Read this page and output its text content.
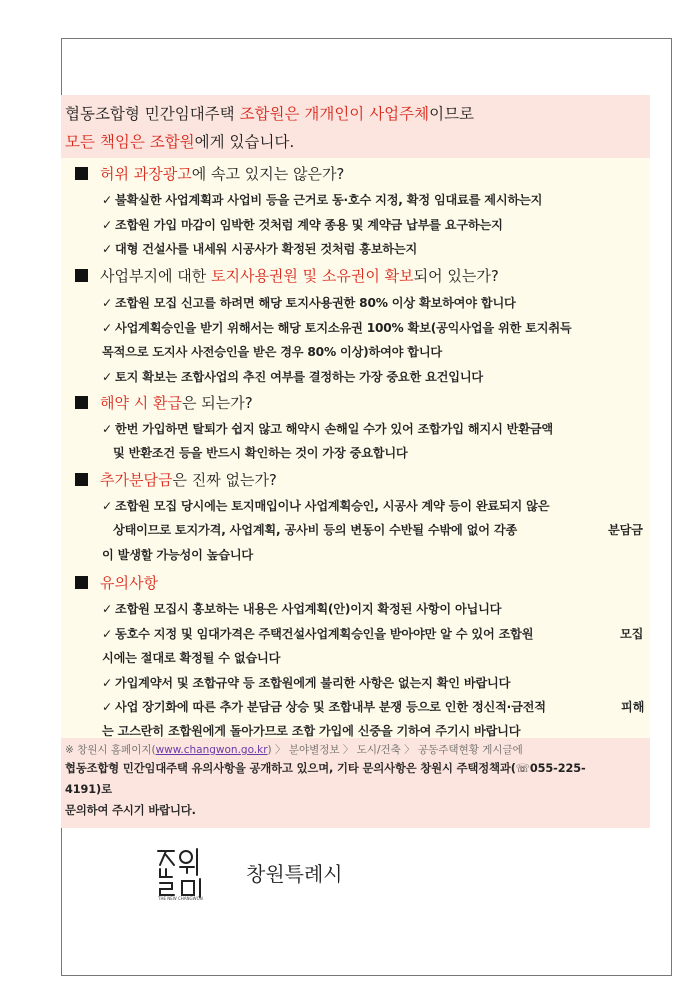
협동조합형 민간임대주택 조합원은 개개인이 사업주체이므로
모든 책임은 조합원에게 있습니다.
허위 과장광고에 속고 있지는 않은가?
✓ 불확실한 사업계획과 사업비 등을 근거로 동·호수 지정, 확정 임대료를 제시하는지
✓ 조합원 가입 마감이 임박한 것처럼 계약 종용 및 계약금 납부를 요구하는지
✓ 대형 건설사를 내세워 시공사가 확정된 것처럼 홍보하는지
사업부지에 대한 토지사용권원 및 소유권이 확보되어 있는가?
✓ 조합원 모집 신고를 하려면 해당 토지사용권한 80% 이상 확보하여야 합니다
✓ 사업계획승인을 받기 위해서는 해당 토지소유권 100% 확보(공익사업을 위한 토지취득
목적으로 도지사 사전승인을 받은 경우 80% 이상)하여야 합니다
✓ 토지 확보는 조합사업의 추진 여부를 결정하는 가장 중요한 요건입니다
해약 시 환급은 되는가?
✓ 한번 가입하면 탈퇴가 쉽지 않고 해약시 손해일 수가 있어 조합가입 해지시 반환금액
및 반환조건 등을 반드시 확인하는 것이 가장 중요합니다
추가분담금은 진짜 없는가?
✓ 조합원 모집 당시에는 토지매입이나 사업계획승인, 시공사 계약 등이 완료되지 않은
상태이므로 토지가격, 사업계획, 공사비 등의 변동이 수반될 수밖에 없어 각종	분담금
이 발생할 가능성이 높습니다
유의사항
✓ 조합원 모집시 홍보하는 내용은 사업계획(안)이지 확정된 사항이 아닙니다
✓ 동호수 지정 및 임대가격은 주택건설사업계획승인을 받아야만 알 수 있어 조합원	모집
시에는 절대로 확정될 수 없습니다
✓ 가입계약서 및 조합규약 등 조합원에게 불리한 사항은 없는지 확인 바랍니다
✓ 사업 장기화에 따른 추가 분담금 상승 및 조합내부 분쟁 등으로 인한 정신적·금전적	피해
는 고스란히 조합원에게 돌아가므로 조합 가입에 신중을 기하여 주기시 바랍니다
※ 창원시 홈페이지(www.changwon.go.kr) 〉 분야별정보 〉 도시/건축 〉 공동주택현황 게시글에
협동조합형 민간임대주택 유의사항을 공개하고 있으며, 기타 문의사항은 창원시 주택정책과(☏055-225-
4191)로
문의하여 주시기 바랍니다.
THE NEW CHANGWON
창원특례시
